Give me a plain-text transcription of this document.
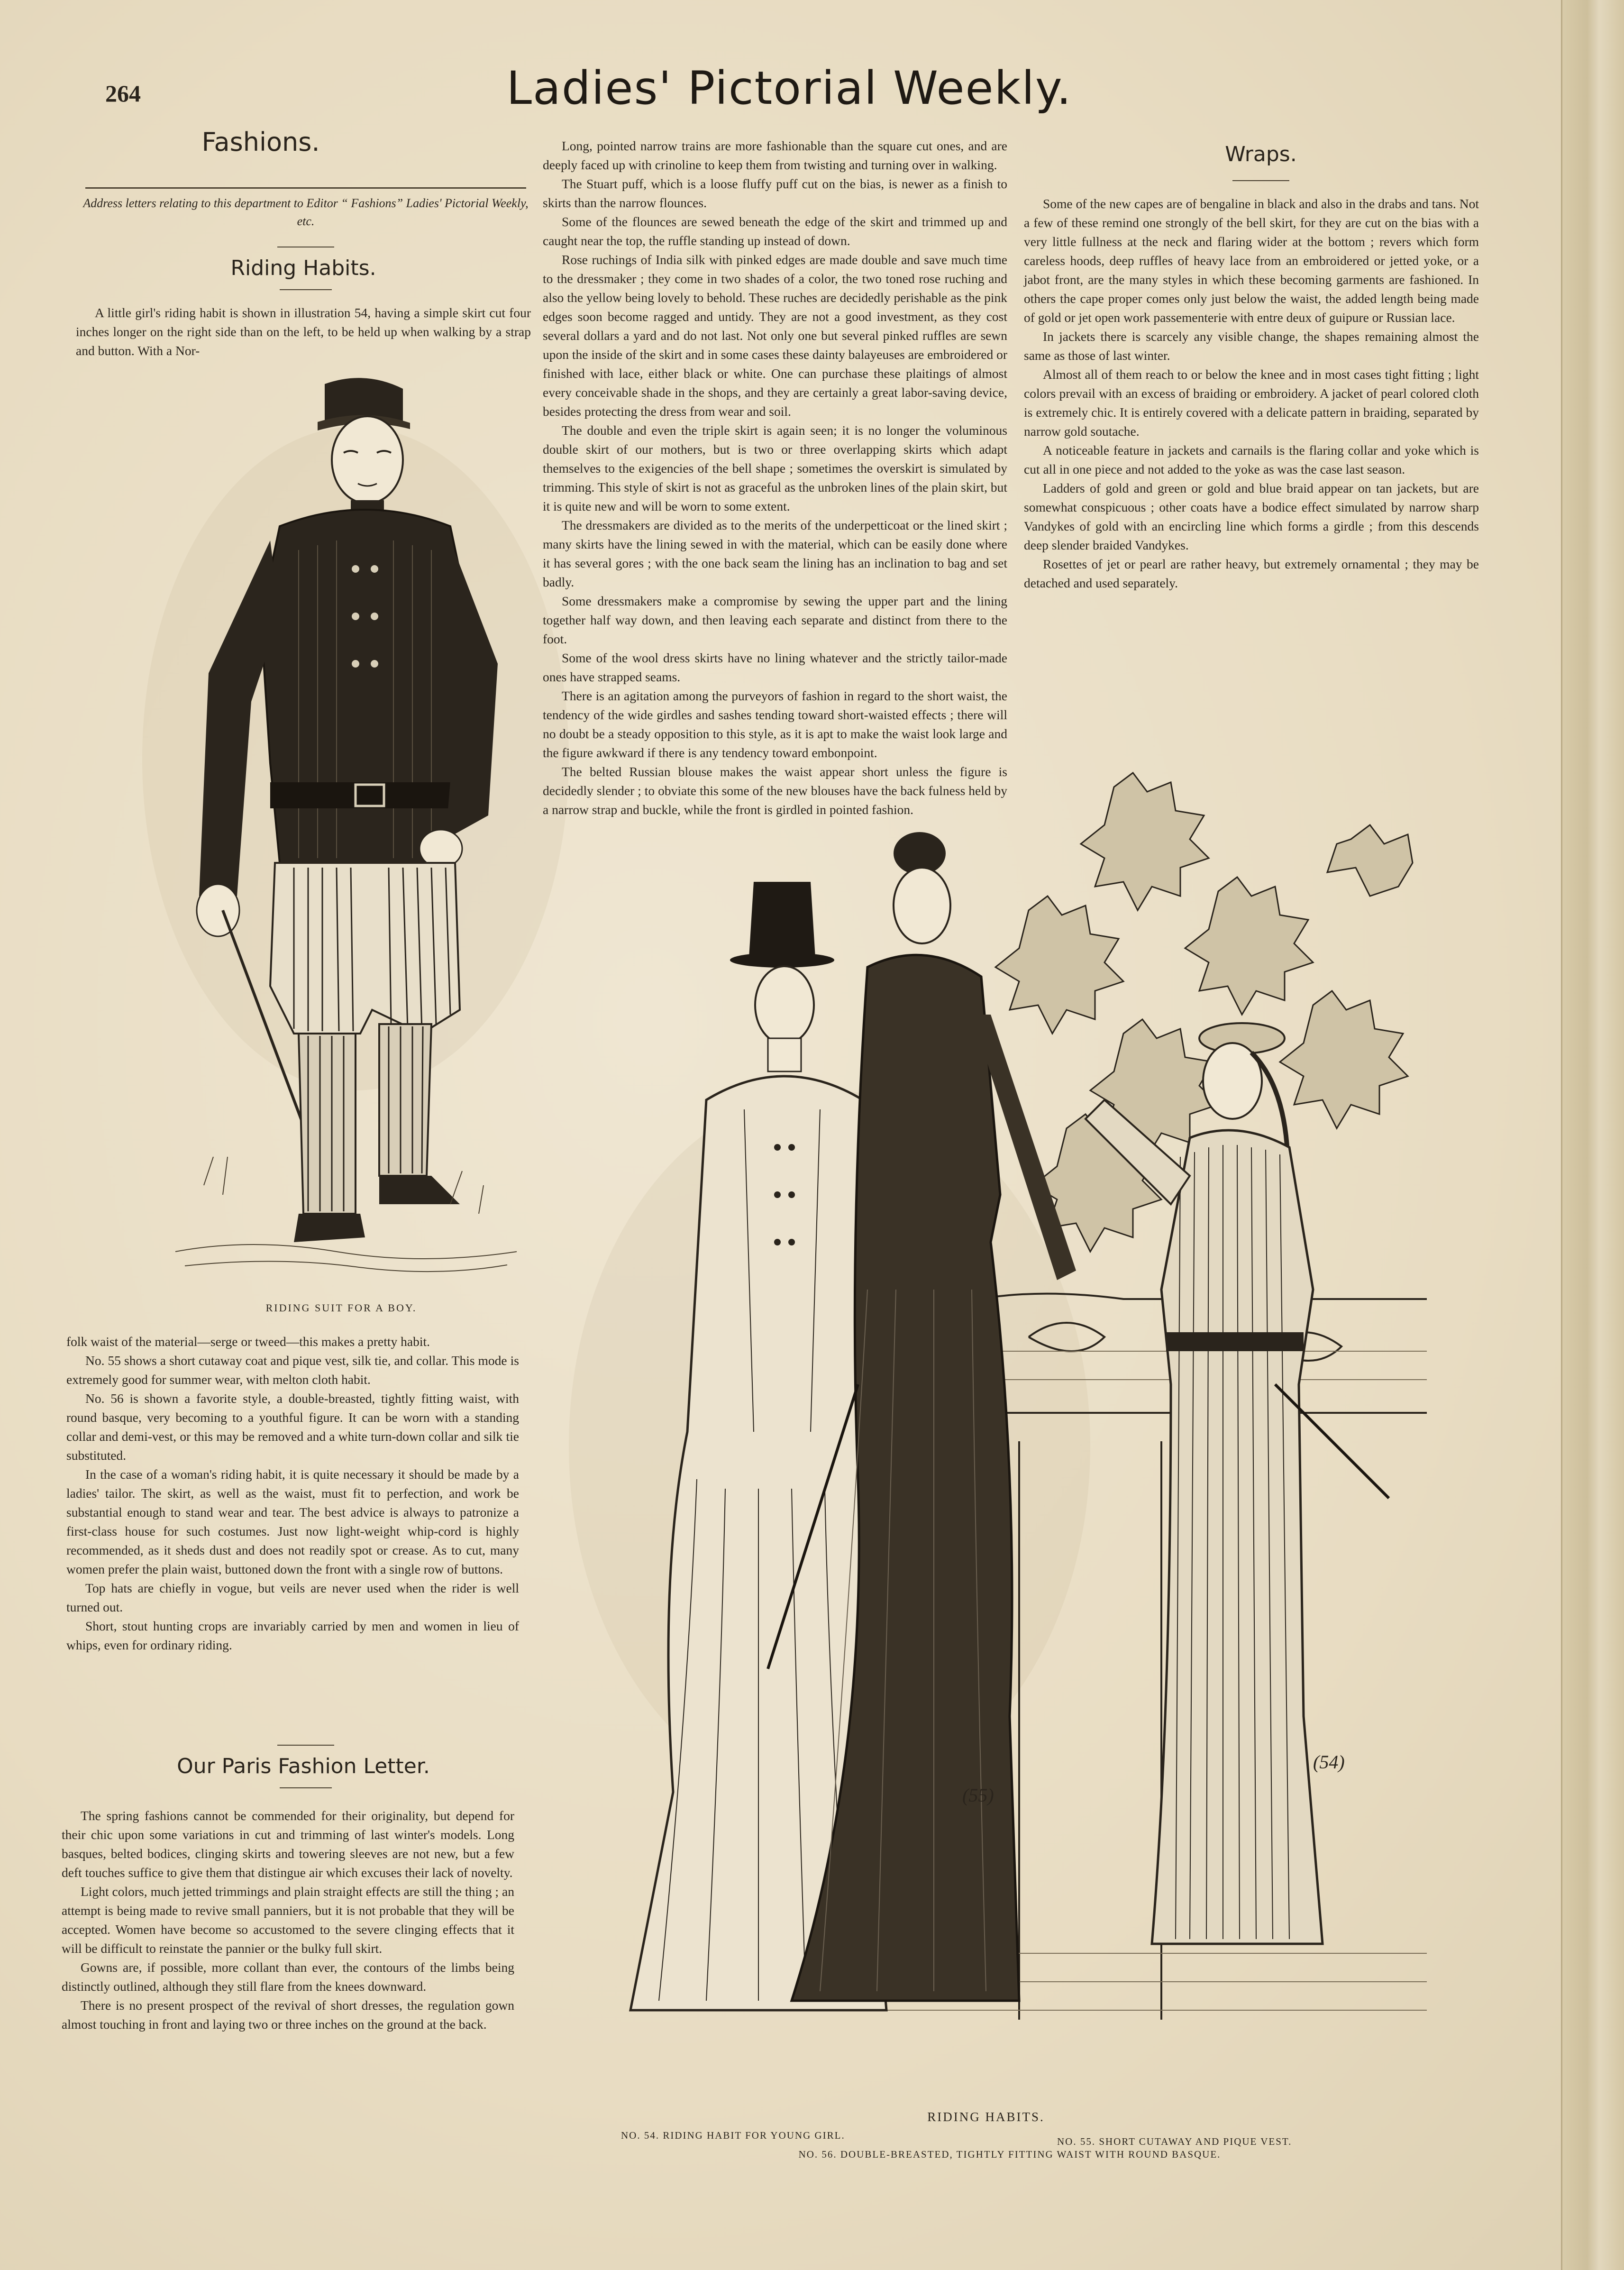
264	Ladies' Pictorial Weekly.
Fashions.
Address letters relating to this department to Editor “ Fashions” Ladies' Pictorial Weekly, etc.
Riding Habits.

A little girl's riding habit is shown in illustration 54, having a simple skirt cut four inches longer on the right side than on the left, to be held up when walking by a strap and button. With a Nor-

RIDING SUIT FOR A BOY.

folk waist of the material—serge or tweed—this makes a pretty habit.

No. 55 shows a short cutaway coat and pique vest, silk tie, and collar. This mode is extremely good for summer wear, with melton cloth habit.

No. 56 is shown a favorite style, a double-breasted, tightly fitting waist, with round basque, very becoming to a youthful figure. It can be worn with a standing collar and demi-vest, or this may be removed and a white turn-down collar and silk tie substituted.

In the case of a woman's riding habit, it is quite necessary it should be made by a ladies' tailor. The skirt, as well as the waist, must fit to perfection, and work be substantial enough to stand wear and tear. The best advice is always to patronize a first-class house for such costumes. Just now light-weight whip-cord is highly recommended, as it sheds dust and does not readily spot or crease. As to cut, many women prefer the plain waist, buttoned down the front with a single row of buttons.

Top hats are chiefly in vogue, but veils are never used when the rider is well turned out.

Short, stout hunting crops are invariably carried by men and women in lieu of whips, even for ordinary riding.

Our Paris Fashion Letter.

The spring fashions cannot be commended for their originality, but depend for their chic upon some variations in cut and trimming of last winter's models. Long basques, belted bodices, clinging skirts and towering sleeves are not new, but a few deft touches suffice to give them that distingue air which excuses their lack of novelty.

Light colors, much jetted trimmings and plain straight effects are still the thing ; an attempt is being made to revive small panniers, but it is not probable that they will be accepted. Women have become so accustomed to the severe clinging effects that it will be difficult to reinstate the pannier or the bulky full skirt.

Gowns are, if possible, more collant than ever, the contours of the limbs being distinctly outlined, although they still flare from the knees downward.

There is no present prospect of the revival of short dresses, the regulation gown almost touching in front and laying two or three inches on the ground at the back.

Long, pointed narrow trains are more fashionable than the square cut ones, and are deeply faced up with crinoline to keep them from twisting and turning over in walking.

The Stuart puff, which is a loose fluffy puff cut on the bias, is newer as a finish to skirts than the narrow flounces.

Some of the flounces are sewed beneath the edge of the skirt and trimmed up and caught near the top, the ruffle standing up instead of down.

Rose ruchings of India silk with pinked edges are made double and save much time to the dressmaker ; they come in two shades of a color, the two toned rose ruching and also the yellow being lovely to behold. These ruches are decidedly perishable as the pink edges soon become ragged and untidy. They are not a good investment, as they cost several dollars a yard and do not last. Not only one but several pinked ruffles are sewn upon the inside of the skirt and in some cases these dainty balayeuses are embroidered or finished with lace, either black or white. One can purchase these plaitings of almost every conceivable shade in the shops, and they are certainly a great labor-saving device, besides protecting the dress from wear and soil.

The double and even the triple skirt is again seen; it is no longer the voluminous double skirt of our mothers, but is two or three overlapping skirts which adapt themselves to the exigencies of the bell shape ; sometimes the overskirt is simulated by trimming. This style of skirt is not as graceful as the unbroken lines of the plain skirt, but it is quite new and will be worn to some extent.

The dressmakers are divided as to the merits of the underpetticoat or the lined skirt ; many skirts have the lining sewed in with the material, which can be easily done where it has several gores ; with the one back seam the lining has an inclination to bag and set badly.

Some dressmakers make a compromise by sewing the upper part and the lining together half way down, and then leaving each separate and distinct from there to the foot.

Some of the wool dress skirts have no lining whatever and the strictly tailor-made ones have strapped seams.

There is an agitation among the purveyors of fashion in regard to the short waist, the tendency of the wide girdles and sashes tending toward short-waisted effects ; there will no doubt be a steady opposition to this style, as it is apt to make the waist look large and the figure awkward if there is any tendency toward embonpoint.

The belted Russian blouse makes the waist appear short unless the figure is decidedly slender ; to obviate this some of the new blouses have the back fulness held by a narrow strap and buckle, while the front is girdled in pointed fashion.

Wraps.

Some of the new capes are of bengaline in black and also in the drabs and tans. Not a few of these remind one strongly of the bell skirt, for they are cut on the bias with a very little fullness at the neck and flaring wider at the bottom ; revers which form careless hoods, deep ruffles of heavy lace from an embroidered or jetted yoke, or a jabot front, are the many styles in which these becoming garments are fashioned. In others the cape proper comes only just below the waist, the added length being made of gold or jet open work passementerie with entre deux of guipure or Russian lace.

In jackets there is scarcely any visible change, the shapes remaining almost the same as those of last winter.

Almost all of them reach to or below the knee and in most cases tight fitting ; light colors prevail with an excess of braiding or embroidery. A jacket of pearl colored cloth is extremely chic. It is entirely covered with a delicate pattern in braiding, separated by narrow gold soutache.

A noticeable feature in jackets and carnails is the flaring collar and yoke which is cut all in one piece and not added to the yoke as was the case last season.

Ladders of gold and green or gold and blue braid appear on tan jackets, but are somewhat conspicuous ; other coats have a bodice effect simulated by narrow sharp Vandykes of gold with an encircling line which forms a girdle ; from this descends deep slender braided Vandykes.

Rosettes of jet or pearl are rather heavy, but extremely ornamental ; they may be detached and used separately.

(55)
(54)
RIDING HABITS.
NO. 54. RIDING HABIT FOR YOUNG GIRL.
NO. 55. SHORT CUTAWAY AND PIQUE VEST.
NO. 56. DOUBLE-BREASTED, TIGHTLY FITTING WAIST WITH ROUND BASQUE.
